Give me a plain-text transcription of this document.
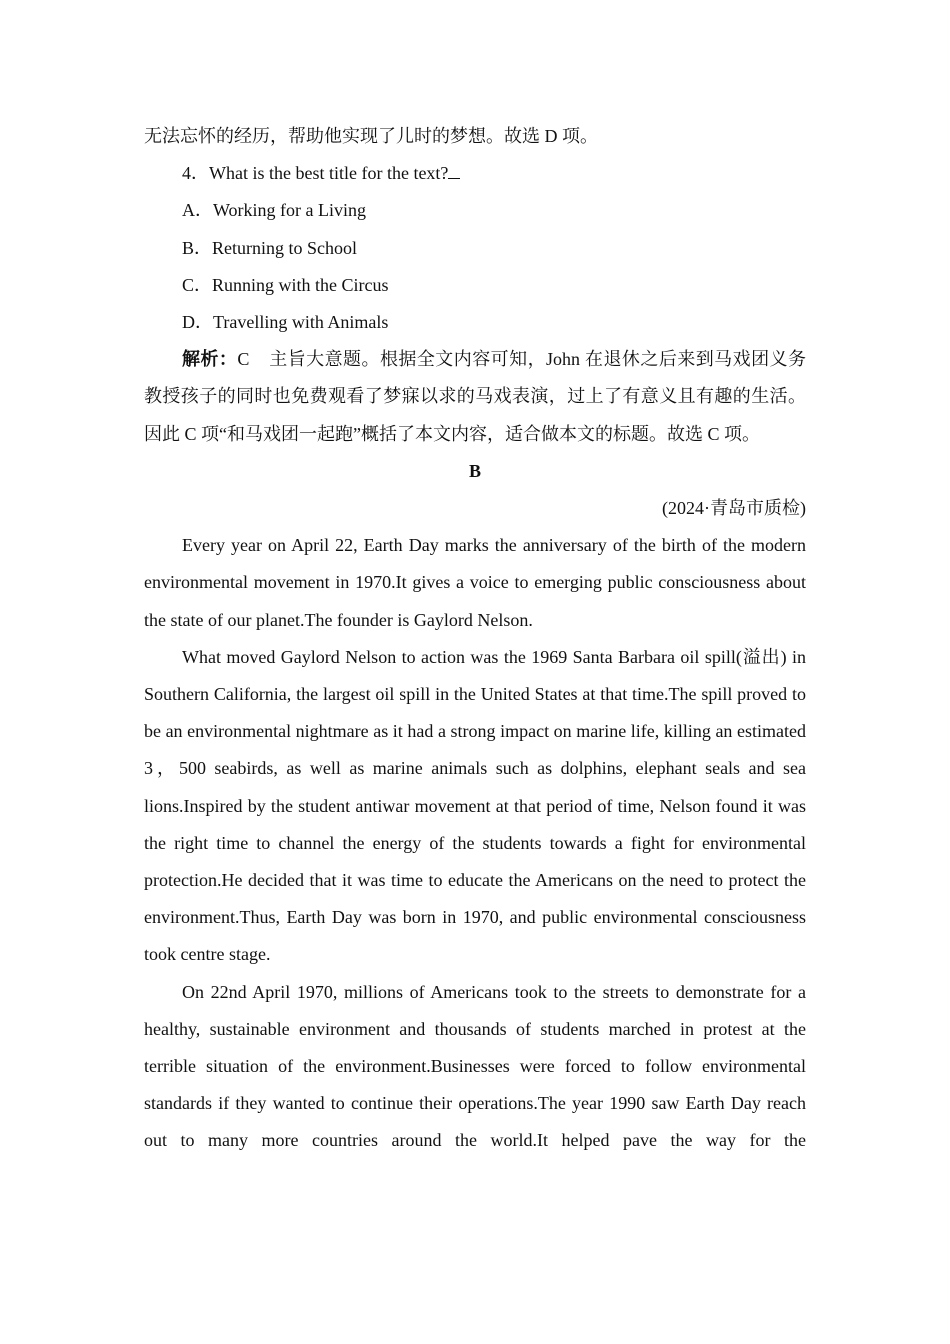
无法忘怀的经历，帮助他实现了儿时的梦想。故选 D 项。

4．What is the best title for the text?

A．Working for a Living

B．Returning to School

C．Running with the Circus

D．Travelling with Animals

解析：C 主旨大意题。根据全文内容可知，John 在退休之后来到马戏团义务教授孩子的同时也免费观看了梦寐以求的马戏表演，过上了有意义且有趣的生活。因此 C 项“和马戏团一起跑”概括了本文内容，适合做本文的标题。故选 C 项。

B

(2024·青岛市质检)

Every year on April 22, Earth Day marks the anniversary of the birth of the modern environmental movement in 1970.It gives a voice to emerging public consciousness about the state of our planet.The founder is Gaylord Nelson.

What moved Gaylord Nelson to action was the 1969 Santa Barbara oil spill(溢出) in Southern California, the largest oil spill in the United States at that time.The spill proved to be an environmental nightmare as it had a strong impact on marine life, killing an estimated 3，500 seabirds, as well as marine animals such as dolphins, elephant seals and sea lions.Inspired by the student antiwar movement at that period of time, Nelson found it was the right time to channel the energy of the students towards a fight for environmental protection.He decided that it was time to educate the Americans on the need to protect the environment.Thus, Earth Day was born in 1970, and public environmental consciousness took centre stage.

On 22nd April 1970, millions of Americans took to the streets to demonstrate for a healthy, sustainable environment and thousands of students marched in protest at the terrible situation of the environment.Businesses were forced to follow environmental standards if they wanted to continue their operations.The year 1990 saw Earth Day reach out to many more countries around the world.It helped pave the way for the
